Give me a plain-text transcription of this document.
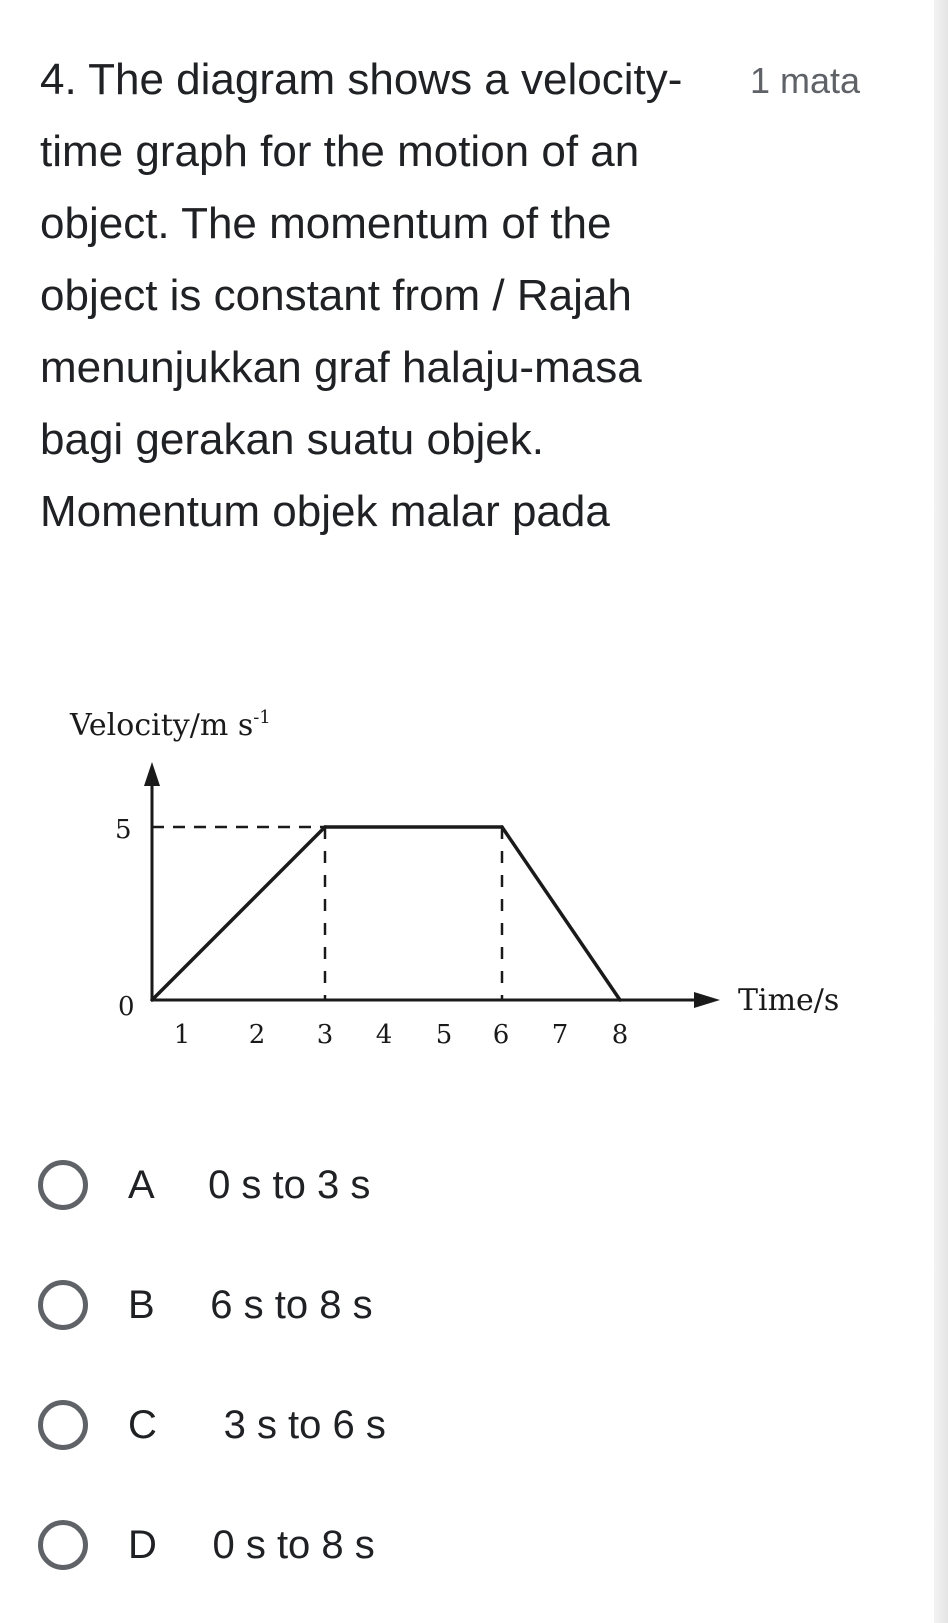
4. The diagram shows a velocity-time graph for the motion of an object. The momentum of the object is constant from / Rajah menunjukkan graf halaju-masa bagi gerakan suatu objek. Momentum objek malar pada

1 mata
Velocity/m $s^{-1}$
Time/s
5
0
1 2 3 4 5 6 7 8
A 0 s to 3 s
B 6 s to 8 s
C      3 s to 6 s
D 0 s to 8 s
